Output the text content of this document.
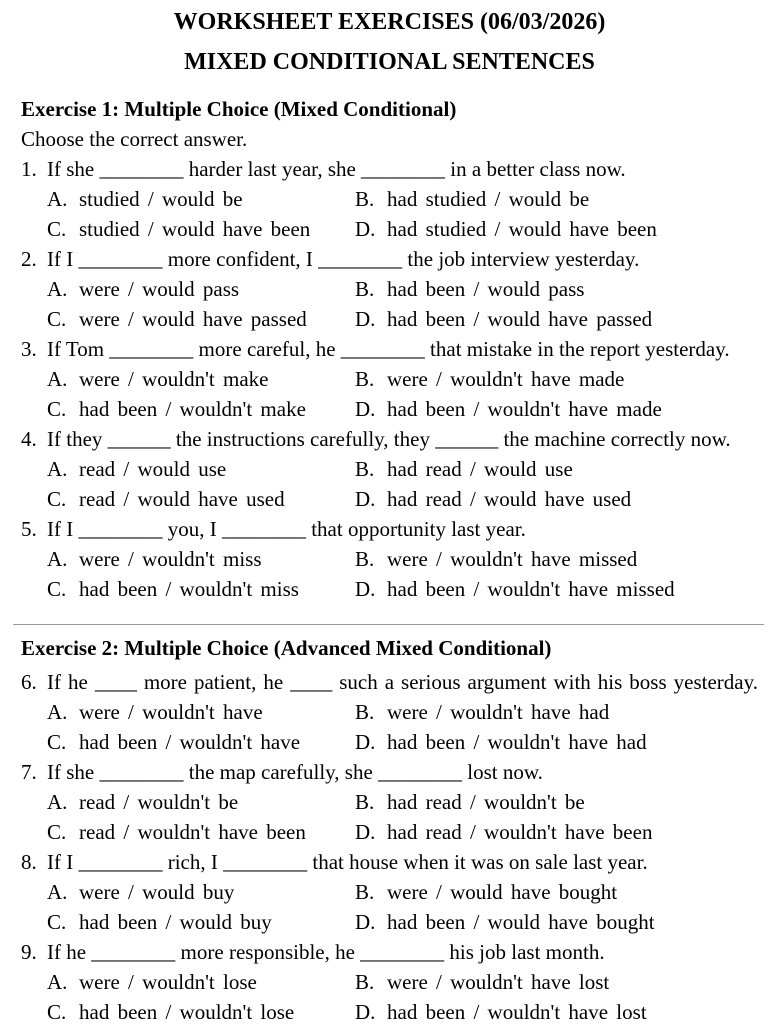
WORKSHEET EXERCISES (06/03/2026)
MIXED CONDITIONAL SENTENCES
Exercise 1: Multiple Choice (Mixed Conditional)

Choose the correct answer.

1. If she ________ harder last year, she ________ in a better class now.
A. studied / would be	B. had studied / would be
C. studied / would have been	D. had studied / would have been
2. If I ________ more confident, I ________ the job interview yesterday.
A. were / would pass	B. had been / would pass
C. were / would have passed	D. had been / would have passed
3. If Tom ________ more careful, he ________ that mistake in the report yesterday.
A. were / wouldn't make	B. were / wouldn't have made
C. had been / wouldn't make	D. had been / wouldn't have made
4. If they ______ the instructions carefully, they ______ the machine correctly now.
A. read / would use	B. had read / would use
C. read / would have used	D. had read / would have used
5. If I ________ you, I ________ that opportunity last year.
A. were / wouldn't miss	B. were / wouldn't have missed
C. had been / wouldn't miss	D. had been / wouldn't have missed
Exercise 2: Multiple Choice (Advanced Mixed Conditional)
6. If he ____ more patient, he ____ such a serious argument with his boss yesterday.
A. were / wouldn't have	B. were / wouldn't have had
C. had been / wouldn't have	D. had been / wouldn't have had
7. If she ________ the map carefully, she ________ lost now.
A. read / wouldn't be	B. had read / wouldn't be
C. read / wouldn't have been	D. had read / wouldn't have been
8. If I ________ rich, I ________ that house when it was on sale last year.
A. were / would buy	B. were / would have bought
C. had been / would buy	D. had been / would have bought
9. If he ________ more responsible, he ________ his job last month.
A. were / wouldn't lose	B. were / wouldn't have lost
C. had been / wouldn't lose	D. had been / wouldn't have lost
